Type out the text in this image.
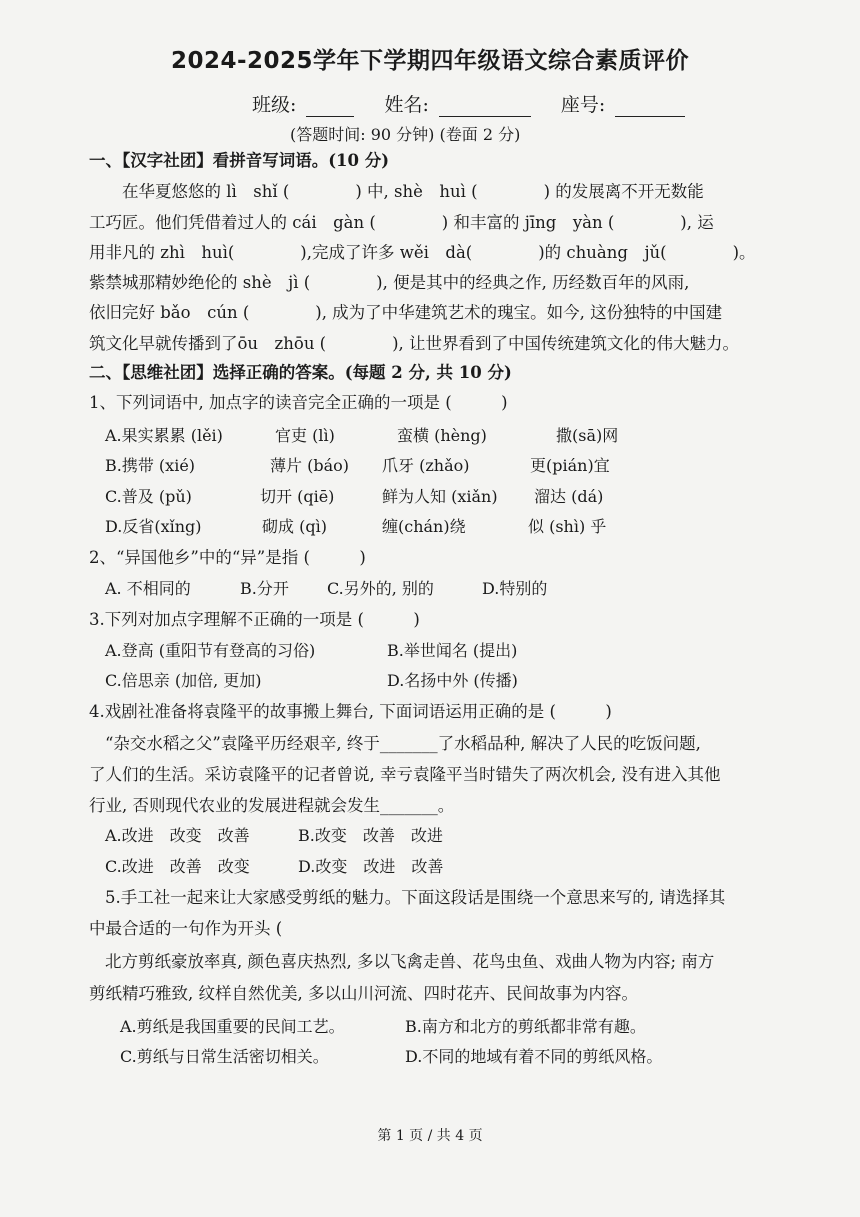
2024-2025学年下学期四年级语文综合素质评价
班级:	姓名:	座号:
(答题时间: 90 分钟) (卷面 2 分)
一、【汉字社团】看拼音写词语。(10 分)
在华夏悠悠的 lì　shǐ (　　　　) 中, shè　huì (　　　　) 的发展离不开无数能
工巧匠。他们凭借着过人的 cái　gàn (　　　　) 和丰富的 jīng　yàn (　　　　), 运
用非凡的 zhì　huì(　　　　),完成了许多 wěi　dà(　　　　)的 chuàng　jǔ(　　　　)。
紫禁城那精妙绝伦的 shè　jì (　　　　), 便是其中的经典之作, 历经数百年的风雨,
依旧完好 bǎo　cún (　　　　), 成为了中华建筑艺术的瑰宝。如今, 这份独特的中国建
筑文化早就传播到了ōu　zhōu (　　　　), 让世界看到了中国传统建筑文化的伟大魅力。
二、【思维社团】选择正确的答案。(每题 2 分, 共 10 分)
1、下列词语中, 加点字的读音完全正确的一项是 (　　　)
A.果实累累 (lěi)	官吏 (lì)	蛮横 (hèng)	撒(sā)网
B.携带 (xié)	薄片 (báo) 爪牙 (zhǎo)	更(pián)宜
C.普及 (pǔ)	切开 (qiē)	鲜为人知 (xiǎn) 溜达 (dá)
D.反省(xǐng)	砌成 (qì)	缠(chán)绕	似 (shì) 乎
2、“异国他乡”中的“异”是指 (　　　)
A. 不相同的	B.分开 C.另外的, 别的	D.特别的
3.下列对加点字理解不正确的一项是 (　　　)
A.登高 (重阳节有登高的习俗)	B.举世闻名 (提出)
C.倍思亲 (加倍, 更加)	D.名扬中外 (传播)
4.戏剧社准备将袁隆平的故事搬上舞台, 下面词语运用正确的是 (　　　)
“杂交水稻之父”袁隆平历经艰辛, 终于_______了水稻品种, 解决了人民的吃饭问题,
了人们的生活。采访袁隆平的记者曾说, 幸亏袁隆平当时错失了两次机会, 没有进入其他
行业, 否则现代农业的发展进程就会发生_______。
A.改进　改变　改善	B.改变　改善　改进
C.改进　改善　改变	D.改变　改进　改善
5.手工社一起来让大家感受剪纸的魅力。下面这段话是围绕一个意思来写的, 请选择其
中最合适的一句作为开头 (
北方剪纸豪放率真, 颜色喜庆热烈, 多以飞禽走兽、花鸟虫鱼、戏曲人物为内容; 南方
剪纸精巧雅致, 纹样自然优美, 多以山川河流、四时花卉、民间故事为内容。
A.剪纸是我国重要的民间工艺。	B.南方和北方的剪纸都非常有趣。
C.剪纸与日常生活密切相关。	D.不同的地域有着不同的剪纸风格。
第 1 页 / 共 4 页
